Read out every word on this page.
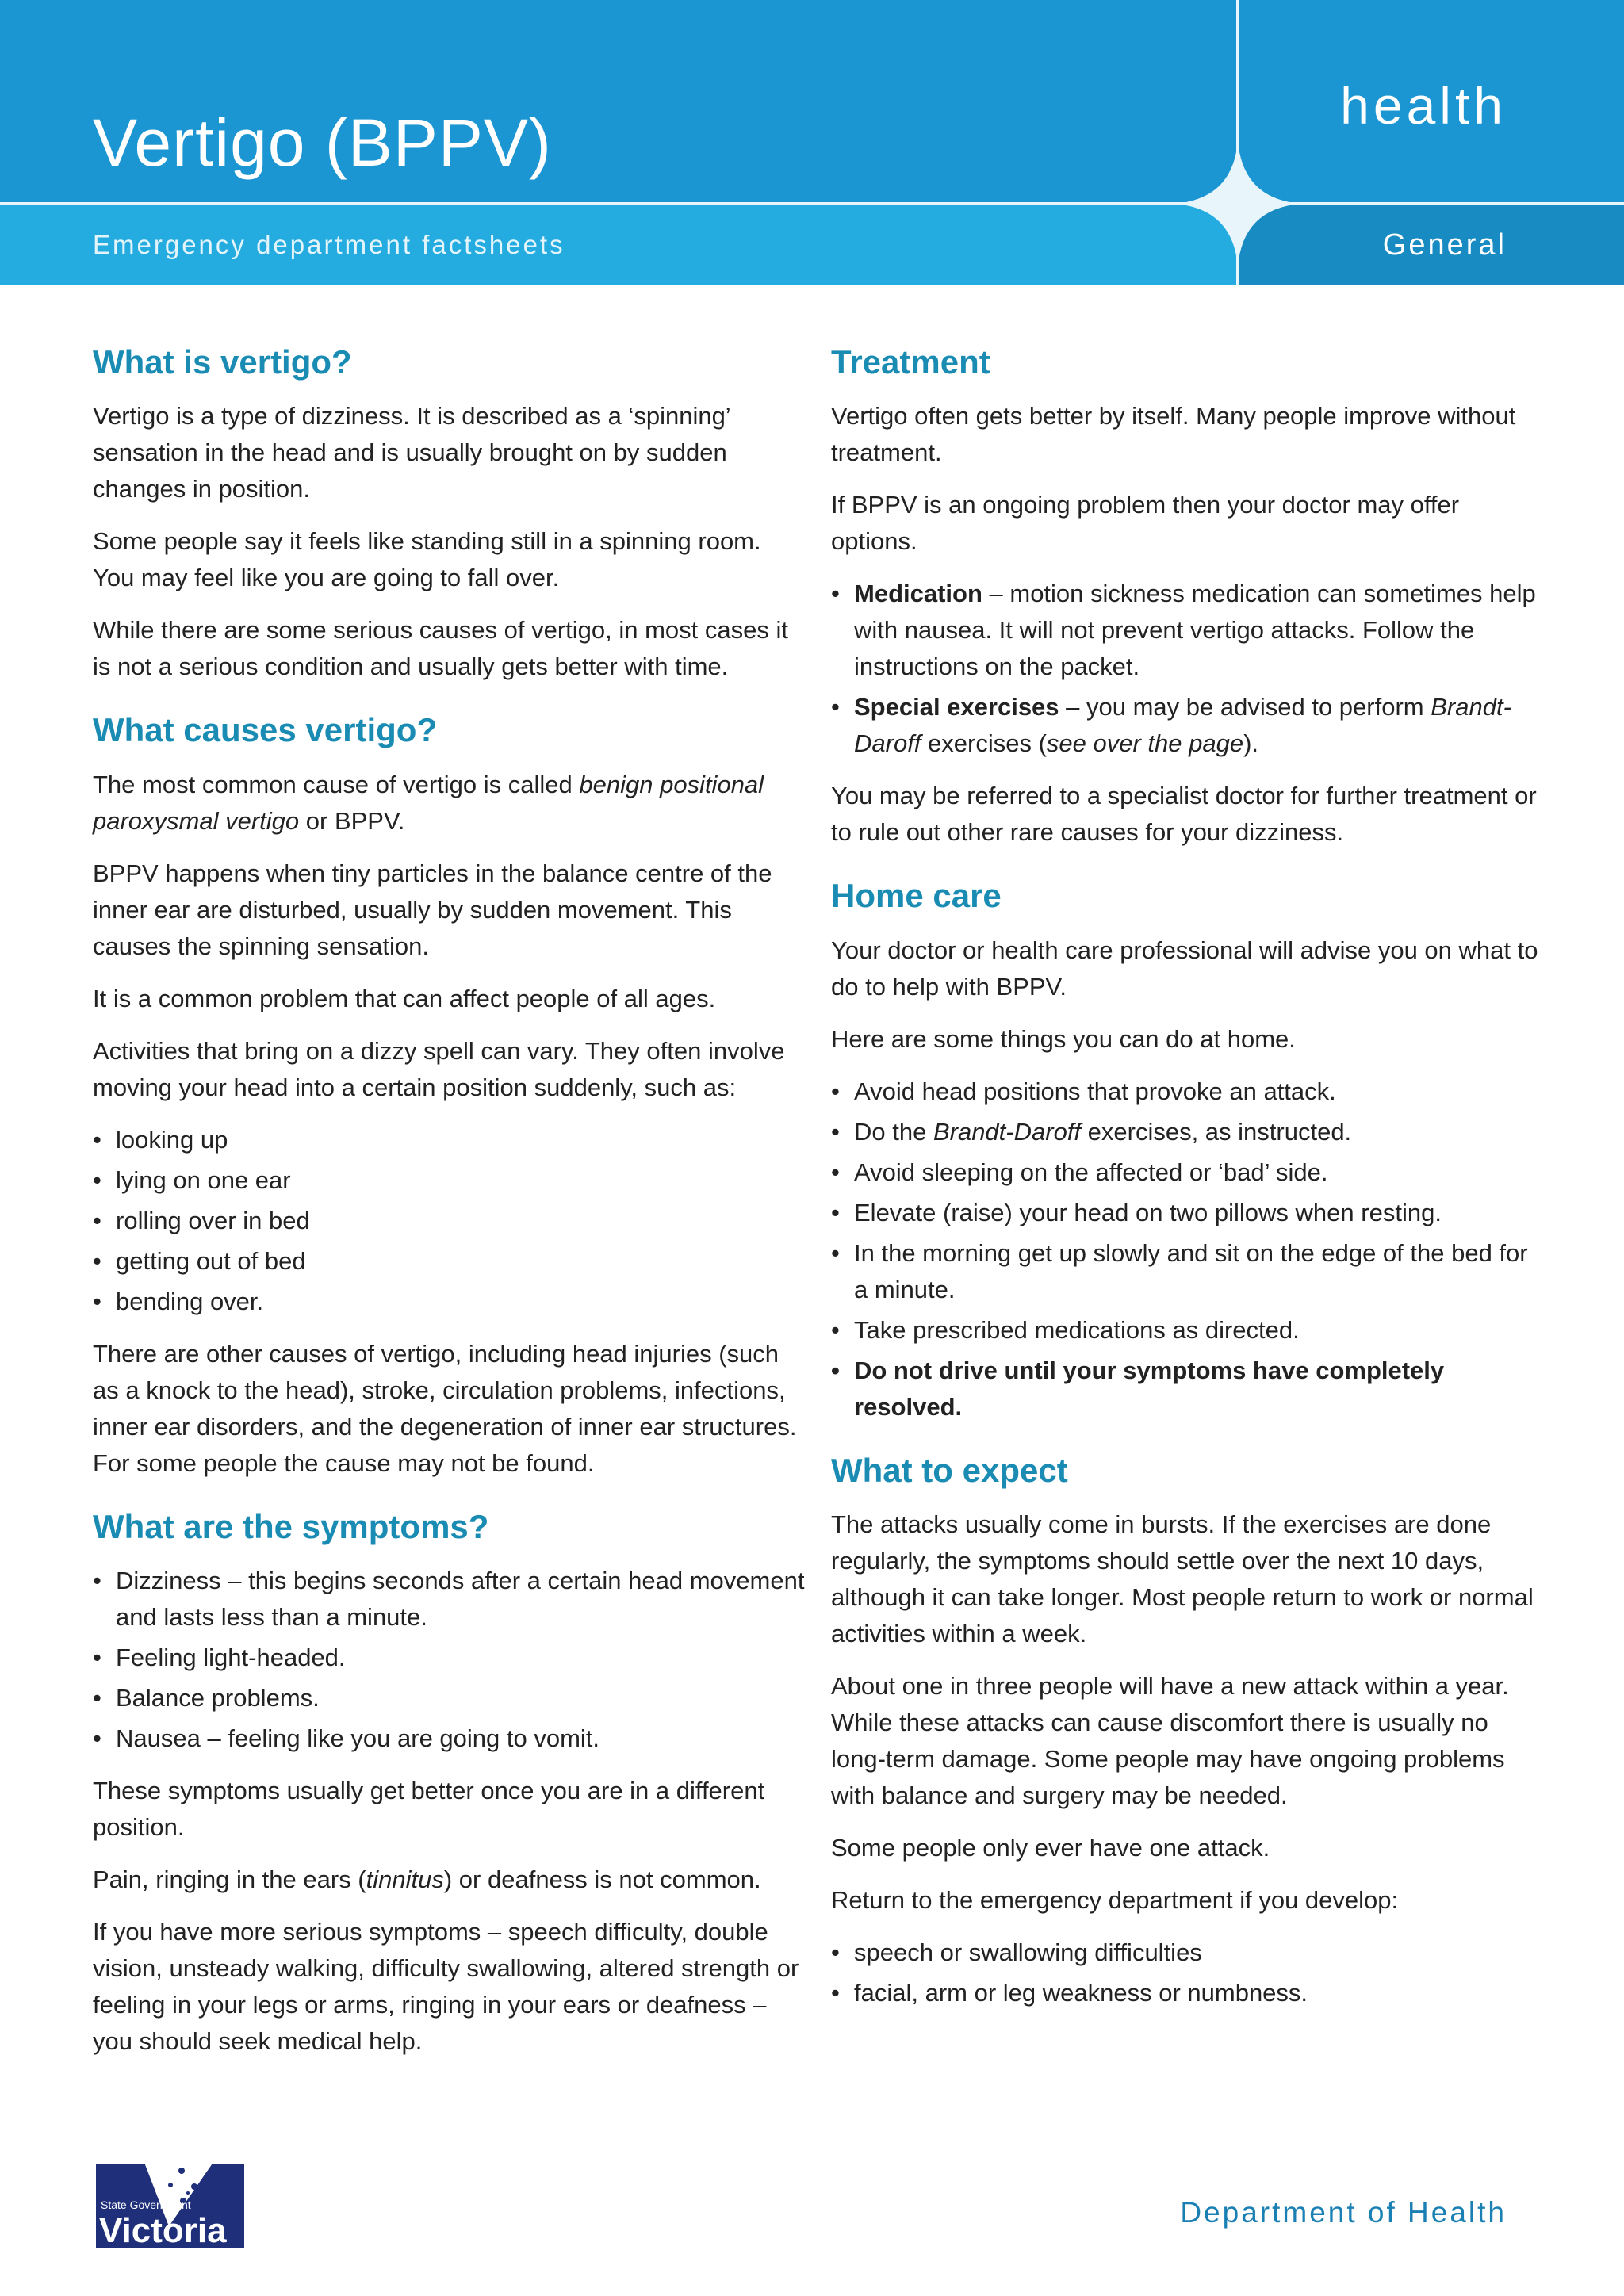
Vertigo (BPPV)	health
Emergency department factsheets	General
What is vertigo?

Vertigo is a type of dizziness. It is described as a ‘spinning’ sensation in the head and is usually brought on by sudden changes in position.

Some people say it feels like standing still in a spinning room. You may feel like you are going to fall over.

While there are some serious causes of vertigo, in most cases it is not a serious condition and usually gets better with time.

What causes vertigo?

The most common cause of vertigo is called benign positional paroxysmal vertigo or BPPV.

BPPV happens when tiny particles in the balance centre of the inner ear are disturbed, usually by sudden movement. This causes the spinning sensation.

It is a common problem that can affect people of all ages.

Activities that bring on a dizzy spell can vary. They often involve moving your head into a certain position suddenly, such as:

• looking up
• lying on one ear
• rolling over in bed
• getting out of bed
• bending over.

There are other causes of vertigo, including head injuries (such as a knock to the head), stroke, circulation problems, infections, inner ear disorders, and the degeneration of inner ear structures. For some people the cause may not be found.

What are the symptoms?
• Dizziness – this begins seconds after a certain head movement and lasts less than a minute.
• Feeling light-headed.
• Balance problems.
• Nausea – feeling like you are going to vomit.

These symptoms usually get better once you are in a different position.

Pain, ringing in the ears (tinnitus) or deafness is not common.

If you have more serious symptoms – speech difficulty, double vision, unsteady walking, difficulty swallowing, altered strength or feeling in your legs or arms, ringing in your ears or deafness – you should seek medical help.

Treatment

Vertigo often gets better by itself. Many people improve without treatment.

If BPPV is an ongoing problem then your doctor may offer options.

• Medication – motion sickness medication can sometimes help with nausea. It will not prevent vertigo attacks. Follow the instructions on the packet.
• Special exercises – you may be advised to perform Brandt-Daroff exercises (see over the page).

You may be referred to a specialist doctor for further treatment or to rule out other rare causes for your dizziness.

Home care

Your doctor or health care professional will advise you on what to do to help with BPPV.

Here are some things you can do at home.

• Avoid head positions that provoke an attack.
• Do the Brandt-Daroff exercises, as instructed.
• Avoid sleeping on the affected or ‘bad’ side.
• Elevate (raise) your head on two pillows when resting.
• In the morning get up slowly and sit on the edge of the bed for a minute.
• Take prescribed medications as directed.
• Do not drive until your symptoms have completely resolved.
What to expect

The attacks usually come in bursts. If the exercises are done regularly, the symptoms should settle over the next 10 days, although it can take longer. Most people return to work or normal activities within a week.

About one in three people will have a new attack within a year. While these attacks can cause discomfort there is usually no long-term damage. Some people may have ongoing problems with balance and surgery may be needed.

Some people only ever have one attack.

Return to the emergency department if you develop:

• speech or swallowing difficulties
• facial, arm or leg weakness or numbness.
State Government
Victoria	Department of Health
